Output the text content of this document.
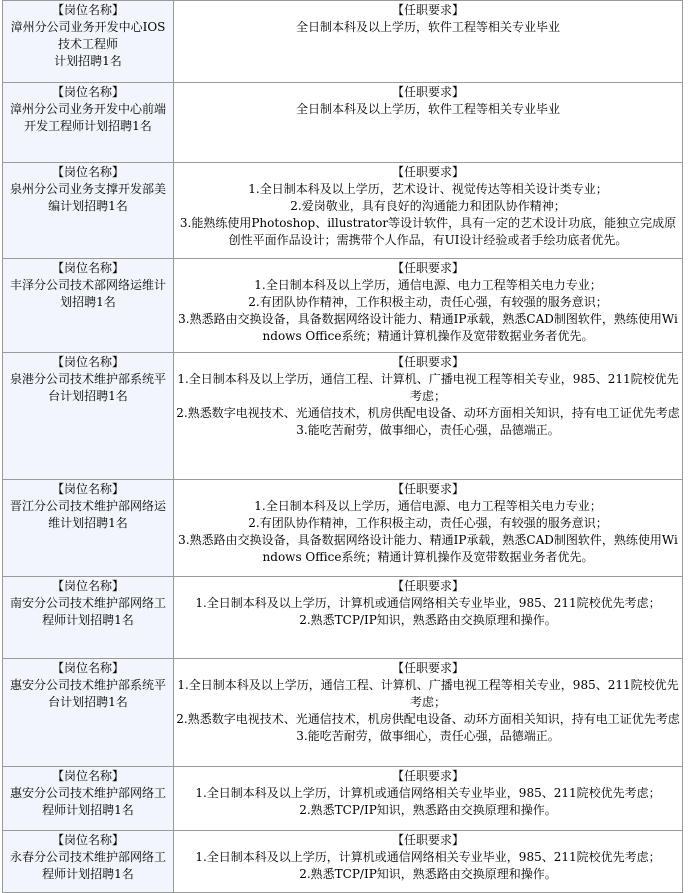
【岗位名称】
漳州分公司业务开发中心IOS技术工程师
计划招聘1名	【任职要求】
全日制本科及以上学历，软件工程等相关专业毕业

【岗位名称】
漳州分公司业务开发中心前端开发工程师计划招聘1名	【任职要求】
全日制本科及以上学历，软件工程等相关专业毕业

【岗位名称】
泉州分公司业务支撑开发部美编计划招聘1名	【任职要求】
1.全日制本科及以上学历，艺术设计、视觉传达等相关设计类专业；
2.爱岗敬业，具有良好的沟通能力和团队协作精神；
3.能熟练使用Photoshop、illustrator等设计软件，具有一定的艺术设计功底，能独立完成原创性平面作品设计；需携带个人作品，有UI设计经验或者手绘功底者优先。

【岗位名称】
丰泽分公司技术部网络运维计划招聘1名	【任职要求】
1.全日制本科及以上学历，通信电源、电力工程等相关电力专业；
2.有团队协作精神，工作积极主动，责任心强，有较强的服务意识；
3.熟悉路由交换设备，具备数据网络设计能力、精通IP承载，熟悉CAD制图软件，熟练使用Windows Office系统；精通计算机操作及宽带数据业务者优先。

【岗位名称】
泉港分公司技术维护部系统平台计划招聘1名	【任职要求】
1.全日制本科及以上学历，通信工程、计算机、广播电视工程等相关专业，985、211院校优先考虑；
2.熟悉数字电视技术、光通信技术，机房供配电设备、动环方面相关知识，持有电工证优先考虑
3.能吃苦耐劳，做事细心，责任心强，品德端正。

【岗位名称】
晋江分公司技术维护部网络运维计划招聘1名	【任职要求】
1.全日制本科及以上学历，通信电源、电力工程等相关电力专业；
2.有团队协作精神，工作积极主动，责任心强，有较强的服务意识；
3.熟悉路由交换设备，具备数据网络设计能力、精通IP承载，熟悉CAD制图软件，熟练使用Windows Office系统；精通计算机操作及宽带数据业务者优先。

【岗位名称】
南安分公司技术维护部网络工程师计划招聘1名	【任职要求】
1.全日制本科及以上学历，计算机或通信网络相关专业毕业，985、211院校优先考虑；
2.熟悉TCP/IP知识，熟悉路由交换原理和操作。

【岗位名称】
惠安分公司技术维护部系统平台计划招聘1名	【任职要求】
1.全日制本科及以上学历，通信工程、计算机、广播电视工程等相关专业，985、211院校优先考虑；
2.熟悉数字电视技术、光通信技术，机房供配电设备、动环方面相关知识，持有电工证优先考虑
3.能吃苦耐劳，做事细心，责任心强，品德端正。

【岗位名称】
惠安分公司技术维护部网络工程师计划招聘1名	【任职要求】
1.全日制本科及以上学历，计算机或通信网络相关专业毕业，985、211院校优先考虑；
2.熟悉TCP/IP知识，熟悉路由交换原理和操作。

【岗位名称】
永春分公司技术维护部网络工程师计划招聘1名	【任职要求】
1.全日制本科及以上学历，计算机或通信网络相关专业毕业，985、211院校优先考虑；
2.熟悉TCP/IP知识，熟悉路由交换原理和操作。
